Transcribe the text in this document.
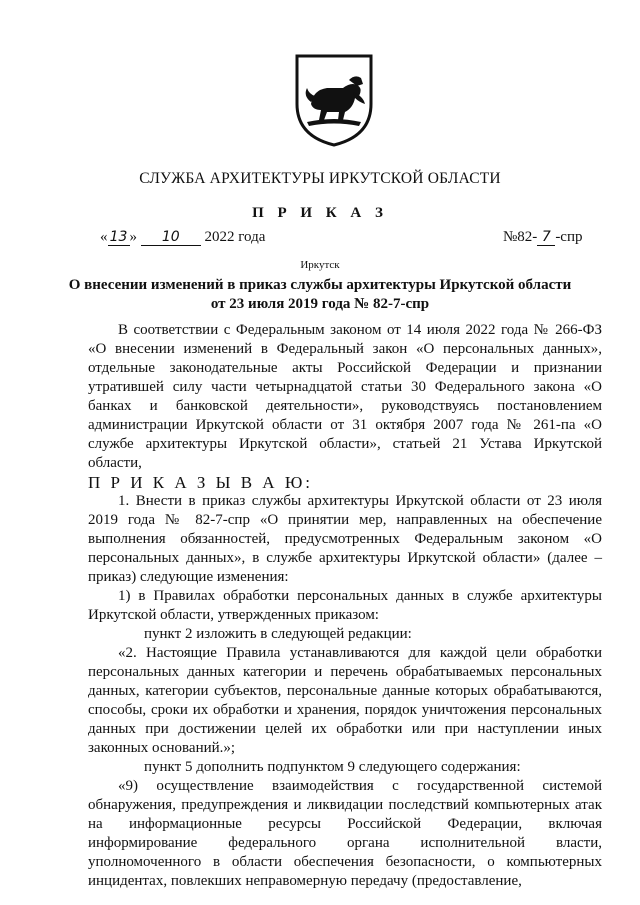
СЛУЖБА АРХИТЕКТУРЫ ИРКУТСКОЙ ОБЛАСТИ
П Р И К А З
« 13 » 10 2022 года	№82- 7 -спр
Иркутск
О внесении изменений в приказ службы архитектуры Иркутской области
от 23 июля 2019 года № 82-7-спр

В соответствии с Федеральным законом от 14 июля 2022 года № 266-ФЗ «О внесении изменений в Федеральный закон «О персональных данных», отдельные законодательные акты Российской Федерации и признании утратившей силу части четырнадцатой статьи 30 Федерального закона «О банках и банковской деятельности», руководствуясь постановлением администрации Иркутской области от 31 октября 2007 года № 261-па «О службе архитектуры Иркутской области», статьей 21 Устава Иркутской области,

П Р И К А З Ы В А Ю:

1. Внести в приказ службы архитектуры Иркутской области от 23 июля 2019 года № 82-7-спр «О принятии мер, направленных на обеспечение выполнения обязанностей, предусмотренных Федеральным законом «О персональных данных», в службе архитектуры Иркутской области» (далее – приказ) следующие изменения:

1) в Правилах обработки персональных данных в службе архитектуры Иркутской области, утвержденных приказом:

пункт 2 изложить в следующей редакции:

«2. Настоящие Правила устанавливаются для каждой цели обработки персональных данных категории и перечень обрабатываемых персональных данных, категории субъектов, персональные данные которых обрабатываются, способы, сроки их обработки и хранения, порядок уничтожения персональных данных при достижении целей их обработки или при наступлении иных законных оснований.»;

пункт 5 дополнить подпунктом 9 следующего содержания:

«9) осуществление взаимодействия с государственной системой обнаружения, предупреждения и ликвидации последствий компьютерных атак на информационные ресурсы Российской Федерации, включая информирование федерального органа исполнительной власти, уполномоченного в области обеспечения безопасности, о компьютерных инцидентах, повлекших неправомерную передачу (предоставление,
